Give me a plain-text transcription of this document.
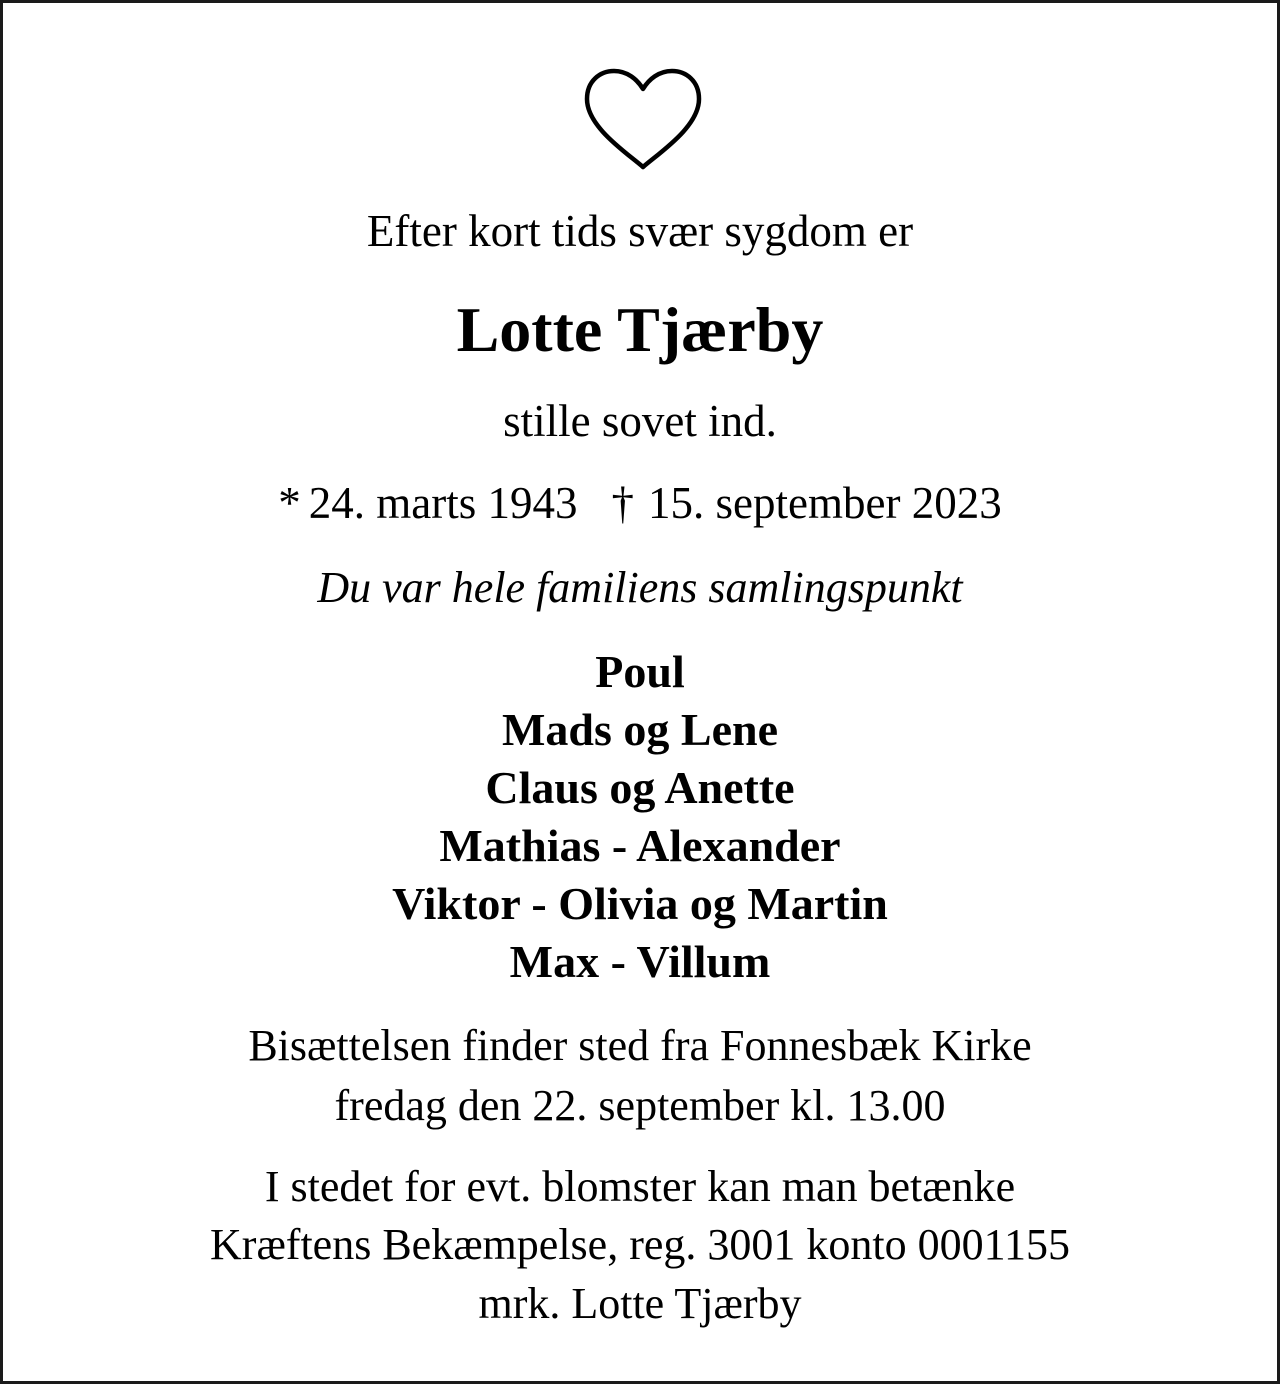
Efter kort tids svær sygdom er

Lotte Tjærby

stille sovet ind.

* 24. marts 1943 † 15. september 2023

Du var hele familiens samlingspunkt

Poul
Mads og Lene
Claus og Anette
Mathias - Alexander
Viktor - Olivia og Martin
Max - Villum

Bisættelsen finder sted fra Fonnesbæk Kirke

fredag den 22. september kl. 13.00

I stedet for evt. blomster kan man betænke

Kræftens Bekæmpelse, reg. 3001 konto 0001155

mrk. Lotte Tjærby
